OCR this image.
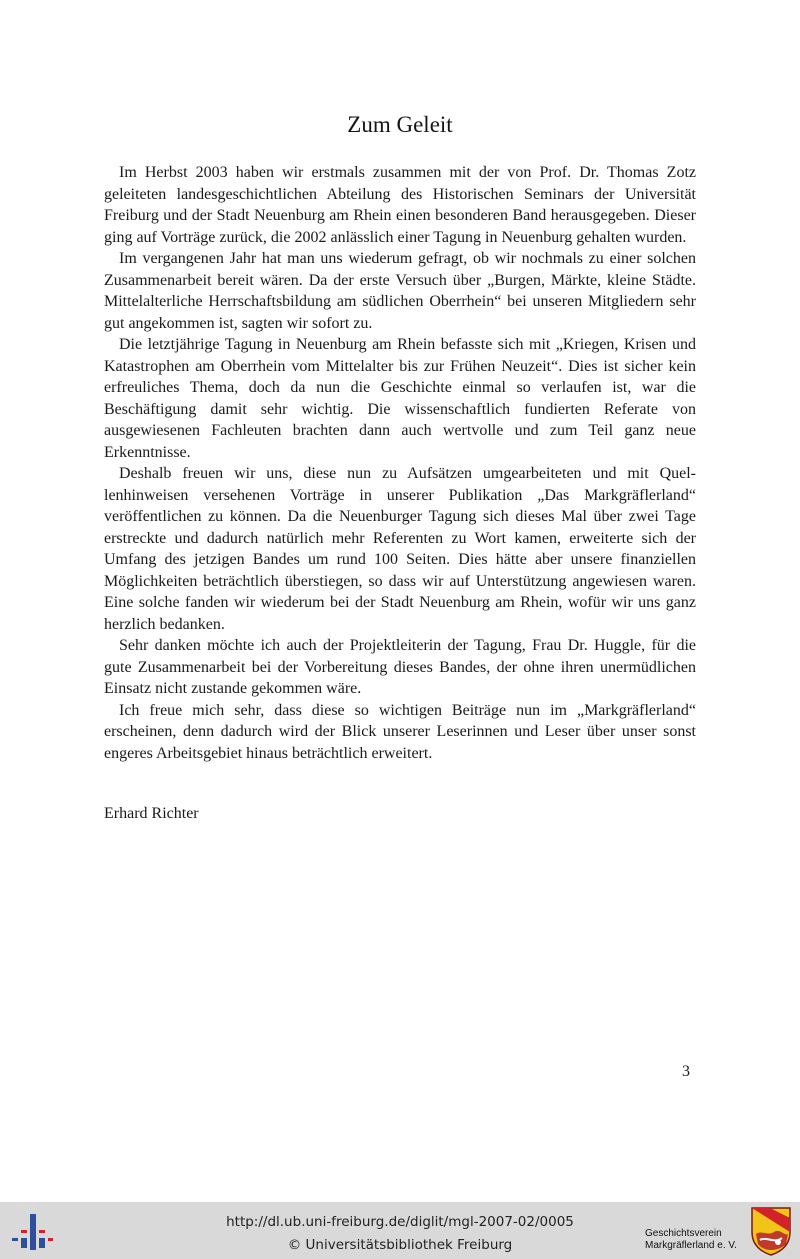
Zum Geleit

Im Herbst 2003 haben wir erstmals zusammen mit der von Prof. Dr. Thomas Zotz geleiteten landesgeschichtlichen Abteilung des Historischen Seminars der Universität Freiburg und der Stadt Neuenburg am Rhein einen besonderen Band herausgegeben. Dieser ging auf Vorträge zurück, die 2002 anlässlich einer Tagung in Neuenburg gehalten wurden.

Im vergangenen Jahr hat man uns wiederum gefragt, ob wir nochmals zu einer solchen Zusammenarbeit bereit wären. Da der erste Versuch über „Burgen, Märkte, kleine Städte. Mittelalterliche Herrschaftsbildung am südlichen Oberrhein“ bei unseren Mitgliedern sehr gut angekommen ist, sagten wir sofort zu.

Die letztjährige Tagung in Neuenburg am Rhein befasste sich mit „Kriegen, Krisen und Katastrophen am Oberrhein vom Mittelalter bis zur Frühen Neuzeit“. Dies ist sicher kein erfreuliches Thema, doch da nun die Geschichte einmal so verlaufen ist, war die Beschäftigung damit sehr wichtig. Die wissenschaftlich fundierten Referate von ausgewiesenen Fachleuten brachten dann auch wertvolle und zum Teil ganz neue Erkenntnisse.

Deshalb freuen wir uns, diese nun zu Aufsätzen umgearbeiteten und mit Quellenhinweisen versehenen Vorträge in unserer Publikation „Das Markgräflerland“ veröffentlichen zu können. Da die Neuenburger Tagung sich dieses Mal über zwei Tage erstreckte und dadurch natürlich mehr Referenten zu Wort kamen, erweiterte sich der Umfang des jetzigen Bandes um rund 100 Seiten. Dies hätte aber unsere finanziellen Möglichkeiten beträchtlich überstiegen, so dass wir auf Unterstützung angewiesen waren. Eine solche fanden wir wiederum bei der Stadt Neuenburg am Rhein, wofür wir uns ganz herzlich bedanken.

Sehr danken möchte ich auch der Projektleiterin der Tagung, Frau Dr. Huggle, für die gute Zusammenarbeit bei der Vorbereitung dieses Bandes, der ohne ihren unermüdlichen Einsatz nicht zustande gekommen wäre.

Ich freue mich sehr, dass diese so wichtigen Beiträge nun im „Markgräflerland“ erscheinen, denn dadurch wird der Blick unserer Leserinnen und Leser über unser sonst engeres Arbeitsgebiet hinaus beträchtlich erweitert.

Erhard Richter
3
http://dl.ub.uni-freiburg.de/diglit/mgl-2007-02/0005
© Universitätsbibliothek Freiburg
Geschichtsverein
Markgräflerland e. V.
